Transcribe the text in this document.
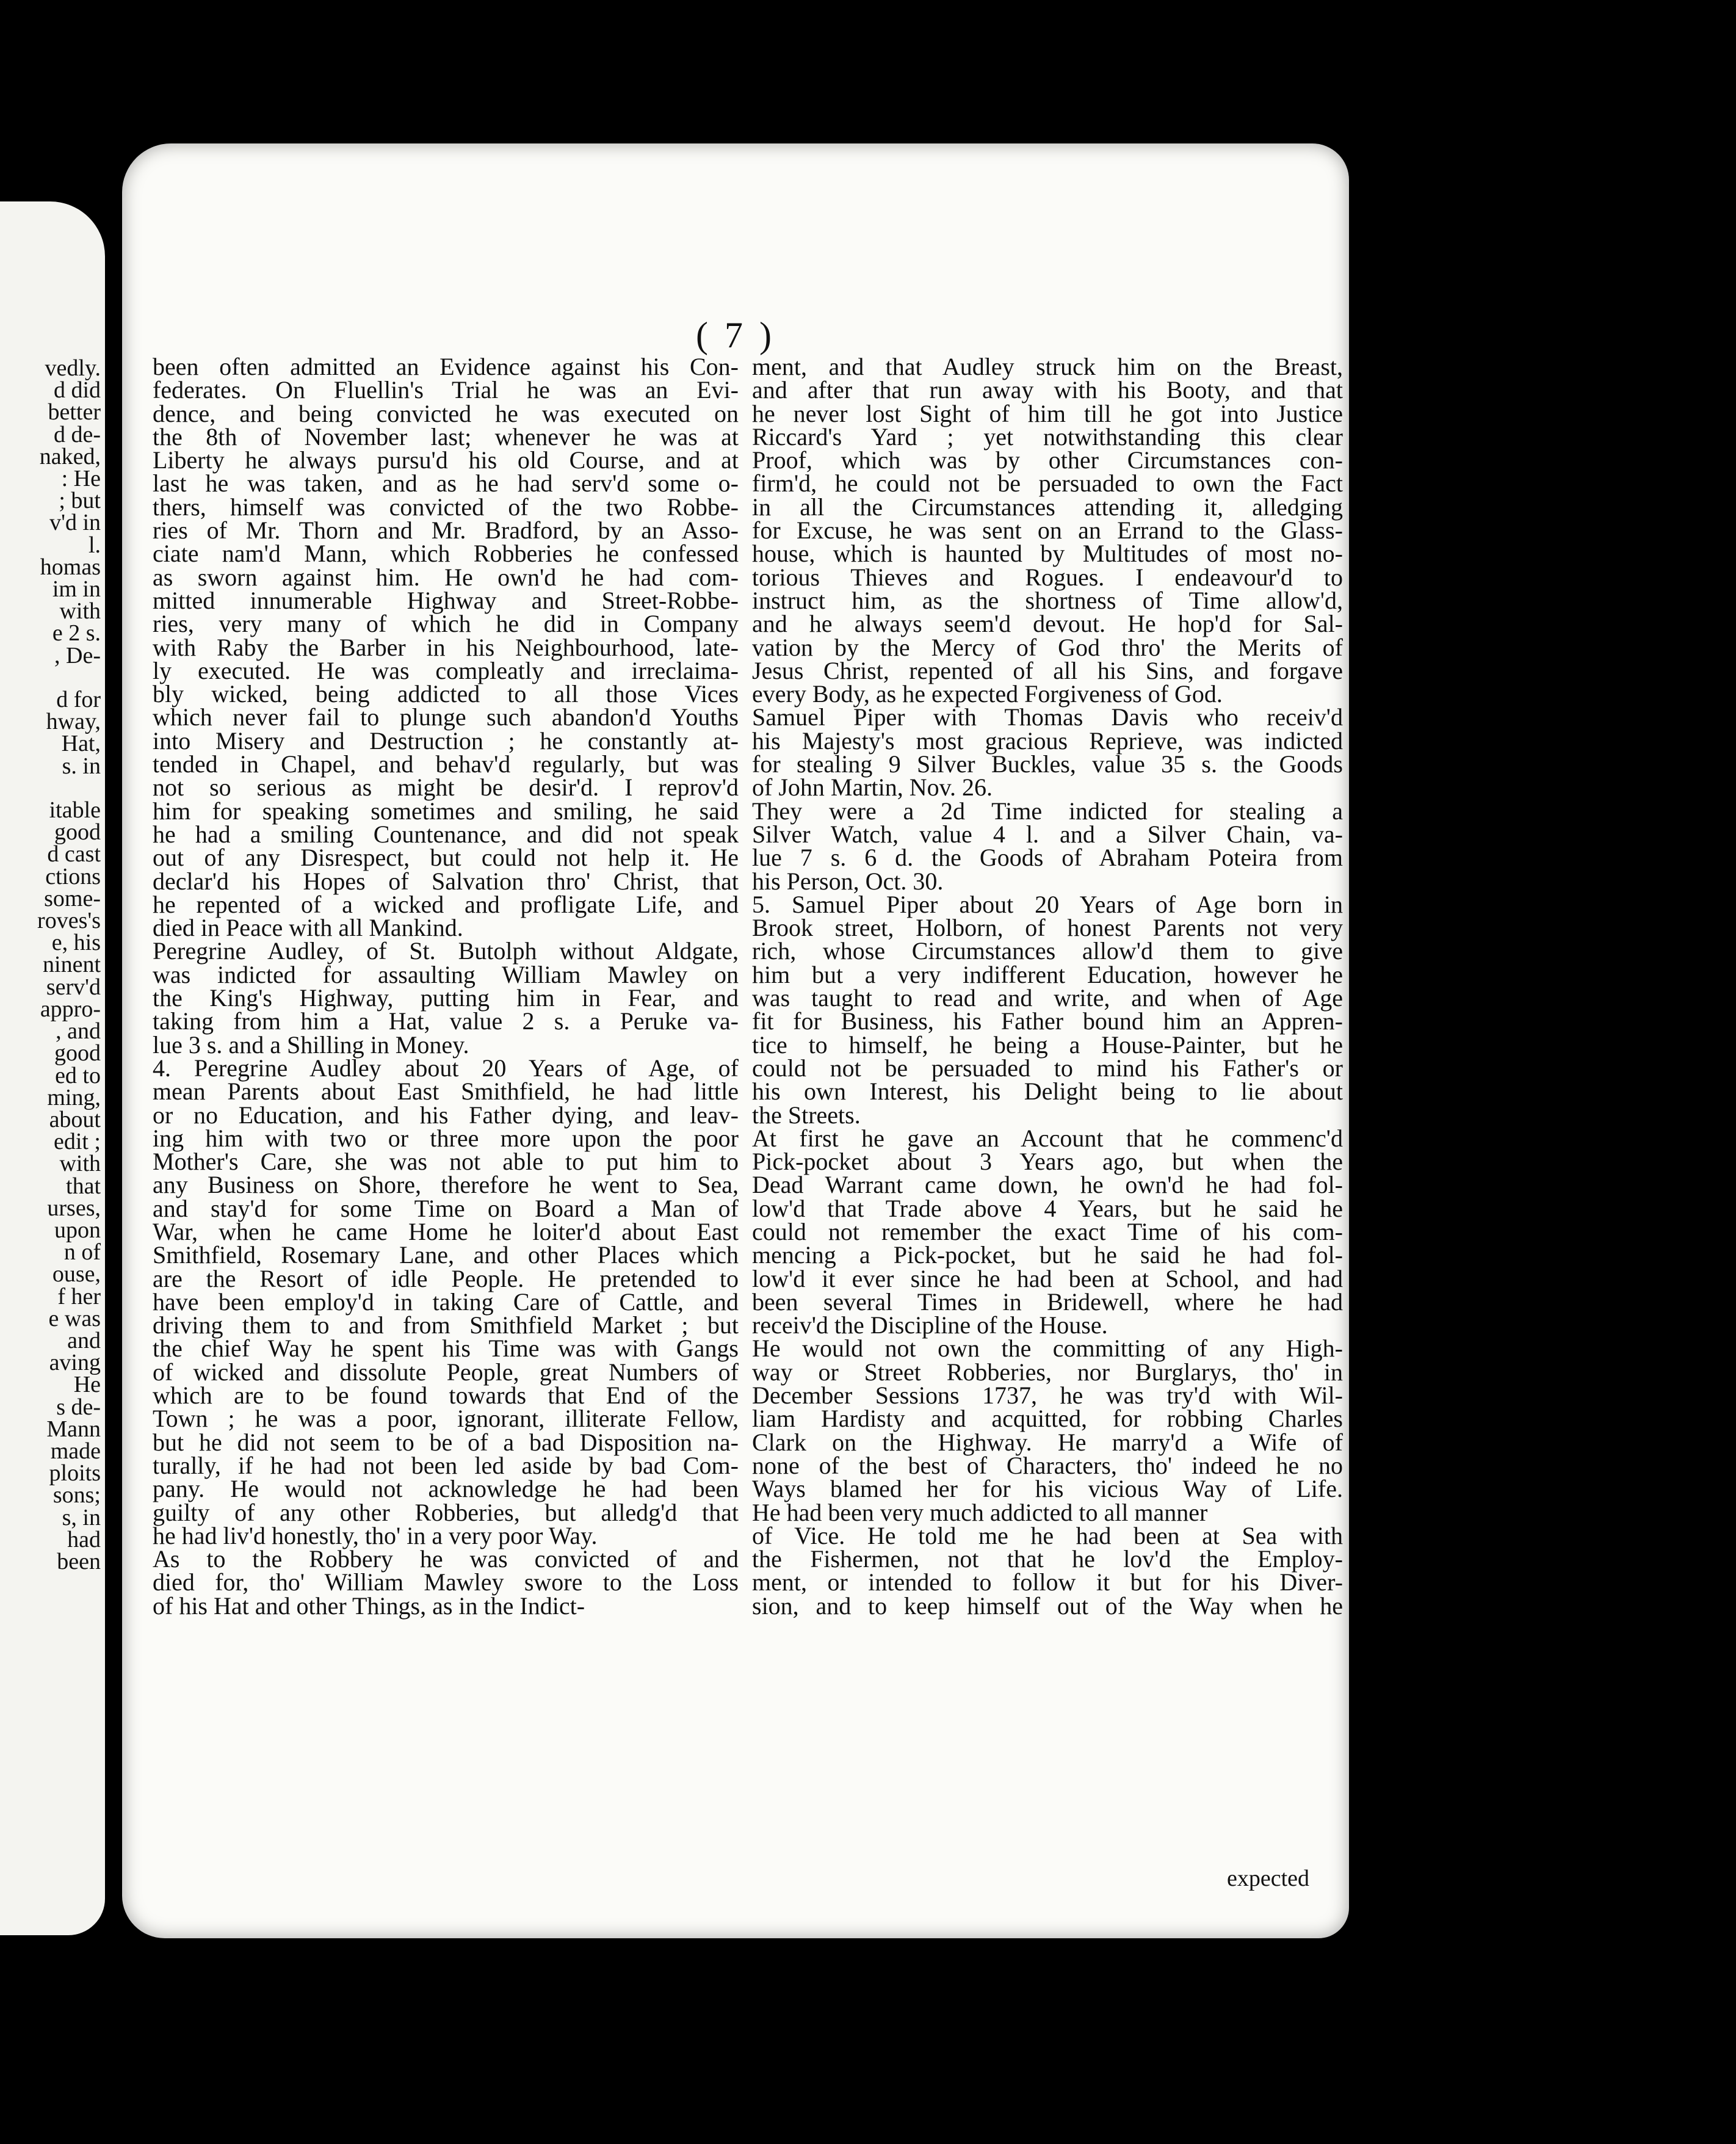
vedly.
d did
better
d de-
naked,
: He
; but
v'd in
l.
homas
im in
with
e 2 s.
, De-

d for
hway,
Hat,
s. in

itable
good
d cast
ctions
some-
roves's
e, his
ninent
serv'd
appro-
, and
good
ed to
ming,
about
edit ;
with
that
urses,
upon
n of
ouse,
f her
e was
and
aving
He
s de-
Mann
made
ploits
sons;
s, in
had
been
( 7 )
been often admitted an Evidence against his Con-
federates. On Fluellin's Trial he was an Evi-
dence, and being convicted he was executed on
the 8th of November last; whenever he was at
Liberty he always pursu'd his old Course, and at
last he was taken, and as he had serv'd some o-
thers, himself was convicted of the two Robbe-
ries of Mr. Thorn and Mr. Bradford, by an Asso-
ciate nam'd Mann, which Robberies he confessed
as sworn against him. He own'd he had com-
mitted innumerable Highway and Street-Robbe-
ries, very many of which he did in Company
with Raby the Barber in his Neighbourhood, late-
ly executed. He was compleatly and irreclaima-
bly wicked, being addicted to all those Vices
which never fail to plunge such abandon'd Youths
into Misery and Destruction ; he constantly at-
tended in Chapel, and behav'd regularly, but was
not so serious as might be desir'd. I reprov'd
him for speaking sometimes and smiling, he said
he had a smiling Countenance, and did not speak
out of any Disrespect, but could not help it. He
declar'd his Hopes of Salvation thro' Christ, that
he repented of a wicked and profligate Life, and
died in Peace with all Mankind.
Peregrine Audley, of St. Butolph without Aldgate,
was indicted for assaulting William Mawley on
the King's Highway, putting him in Fear, and
taking from him a Hat, value 2 s. a Peruke va-
lue 3 s. and a Shilling in Money.
4. Peregrine Audley about 20 Years of Age, of
mean Parents about East Smithfield, he had little
or no Education, and his Father dying, and leav-
ing him with two or three more upon the poor
Mother's Care, she was not able to put him to
any Business on Shore, therefore he went to Sea,
and stay'd for some Time on Board a Man of
War, when he came Home he loiter'd about East
Smithfield, Rosemary Lane, and other Places which
are the Resort of idle People. He pretended to
have been employ'd in taking Care of Cattle, and
driving them to and from Smithfield Market ; but
the chief Way he spent his Time was with Gangs
of wicked and dissolute People, great Numbers of
which are to be found towards that End of the
Town ; he was a poor, ignorant, illiterate Fellow,
but he did not seem to be of a bad Disposition na-
turally, if he had not been led aside by bad Com-
pany. He would not acknowledge he had been
guilty of any other Robberies, but alledg'd that
he had liv'd honestly, tho' in a very poor Way.
As to the Robbery he was convicted of and
died for, tho' William Mawley swore to the Loss
of his Hat and other Things, as in the Indict-
ment, and that Audley struck him on the Breast,
and after that run away with his Booty, and that
he never lost Sight of him till he got into Justice
Riccard's Yard ; yet notwithstanding this clear
Proof, which was by other Circumstances con-
firm'd, he could not be persuaded to own the Fact
in all the Circumstances attending it, alledging
for Excuse, he was sent on an Errand to the Glass-
house, which is haunted by Multitudes of most no-
torious Thieves and Rogues. I endeavour'd to
instruct him, as the shortness of Time allow'd,
and he always seem'd devout. He hop'd for Sal-
vation by the Mercy of God thro' the Merits of
Jesus Christ, repented of all his Sins, and forgave
every Body, as he expected Forgiveness of God.
Samuel Piper with Thomas Davis who receiv'd
his Majesty's most gracious Reprieve, was indicted
for stealing 9 Silver Buckles, value 35 s. the Goods
of John Martin, Nov. 26.
They were a 2d Time indicted for stealing a
Silver Watch, value 4 l. and a Silver Chain, va-
lue 7 s. 6 d. the Goods of Abraham Poteira from
his Person, Oct. 30.
5. Samuel Piper about 20 Years of Age born in
Brook street, Holborn, of honest Parents not very
rich, whose Circumstances allow'd them to give
him but a very indifferent Education, however he
was taught to read and write, and when of Age
fit for Business, his Father bound him an Appren-
tice to himself, he being a House-Painter, but he
could not be persuaded to mind his Father's or
his own Interest, his Delight being to lie about
the Streets.
At first he gave an Account that he commenc'd
Pick-pocket about 3 Years ago, but when the
Dead Warrant came down, he own'd he had fol-
low'd that Trade above 4 Years, but he said he
could not remember the exact Time of his com-
mencing a Pick-pocket, but he said he had fol-
low'd it ever since he had been at School, and had
been several Times in Bridewell, where he had
receiv'd the Discipline of the House.
He would not own the committing of any High-
way or Street Robberies, nor Burglarys, tho' in
December Sessions 1737, he was try'd with Wil-
liam Hardisty and acquitted, for robbing Charles
Clark on the Highway. He marry'd a Wife of
none of the best of Characters, tho' indeed he no
Ways blamed her for his vicious Way of Life.
He had been very much addicted to all manner
of Vice. He told me he had been at Sea with
the Fishermen, not that he lov'd the Employ-
ment, or intended to follow it but for his Diver-
sion, and to keep himself out of the Way when he
expected
